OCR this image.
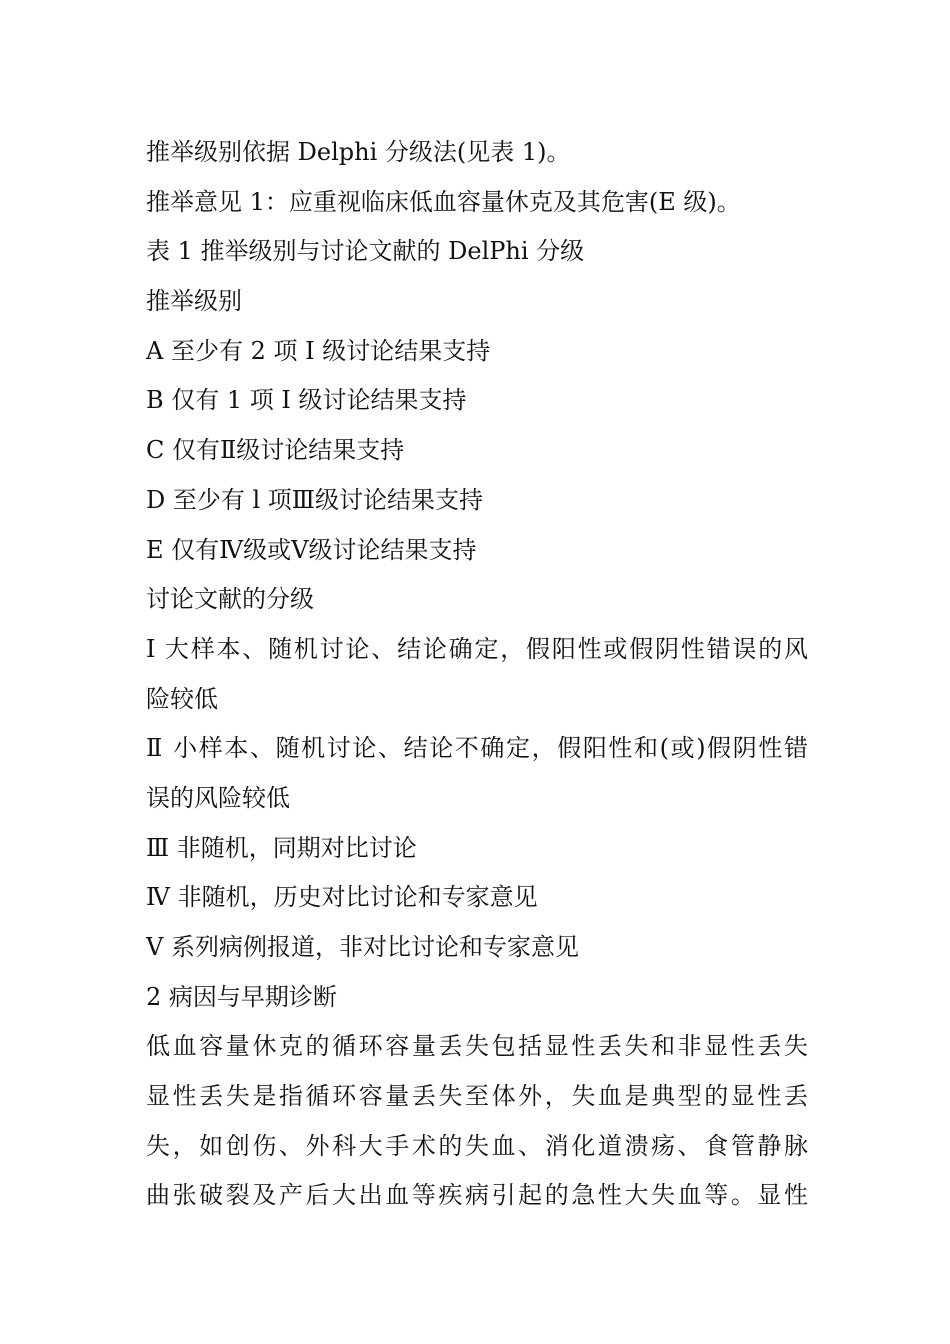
推举级别依据 Delphi 分级法(见表 1)。
推举意见 1：应重视临床低血容量休克及其危害(E 级)。
表 1 推举级别与讨论文献的 DelPhi 分级
推举级别
A 至少有 2 项 I 级讨论结果支持
B 仅有 1 项 I 级讨论结果支持
C 仅有Ⅱ级讨论结果支持
D 至少有 l 项Ⅲ级讨论结果支持
E 仅有Ⅳ级或Ⅴ级讨论结果支持
讨论文献的分级
I 大样本、随机讨论、结论确定，假阳性或假阴性错误的风
险较低
Ⅱ 小样本、随机讨论、结论不确定，假阳性和(或)假阴性错
误的风险较低
Ⅲ 非随机，同期对比讨论
Ⅳ 非随机，历史对比讨论和专家意见
Ⅴ 系列病例报道，非对比讨论和专家意见
2 病因与早期诊断
低血容量休克的循环容量丢失包括显性丢失和非显性丢失
显性丢失是指循环容量丢失至体外，失血是典型的显性丢
失，如创伤、外科大手术的失血、消化道溃疡、食管静脉
曲张破裂及产后大出血等疾病引起的急性大失血等。显性
